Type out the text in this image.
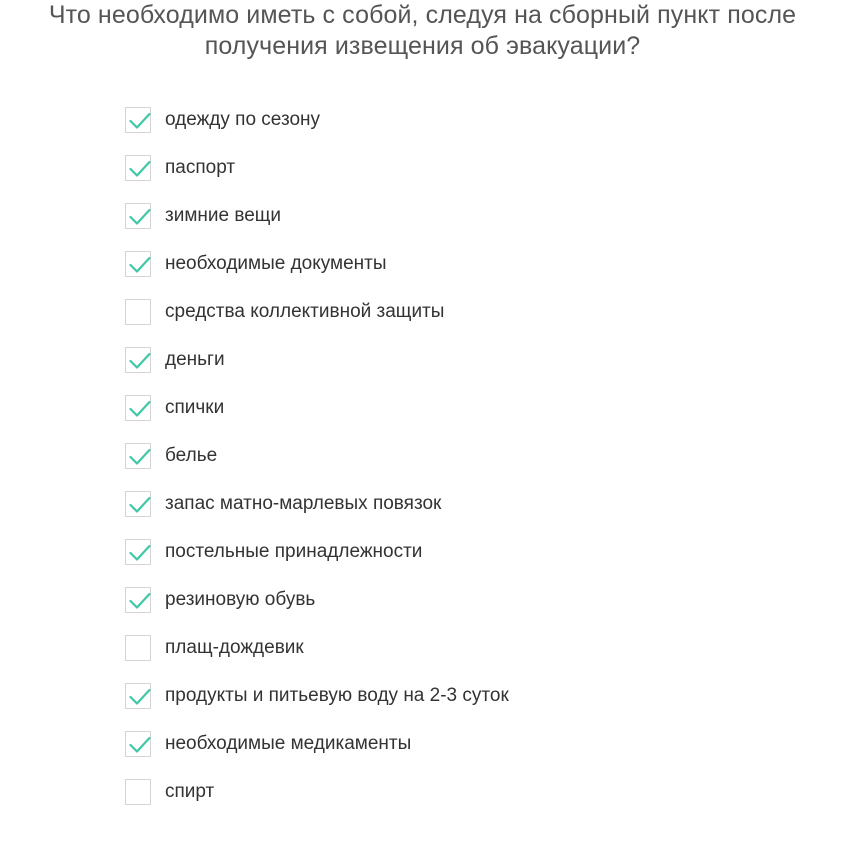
Что необходимо иметь с собой, следуя на сборный пункт после
получения извещения об эвакуации?
одежду по сезону
паспорт
зимние вещи
необходимые документы
средства коллективной защиты
деньги
спички
белье
запас матно-марлевых повязок
постельные принадлежности
резиновую обувь
плащ-дождевик
продукты и питьевую воду на 2-3 суток
необходимые медикаменты
спирт
